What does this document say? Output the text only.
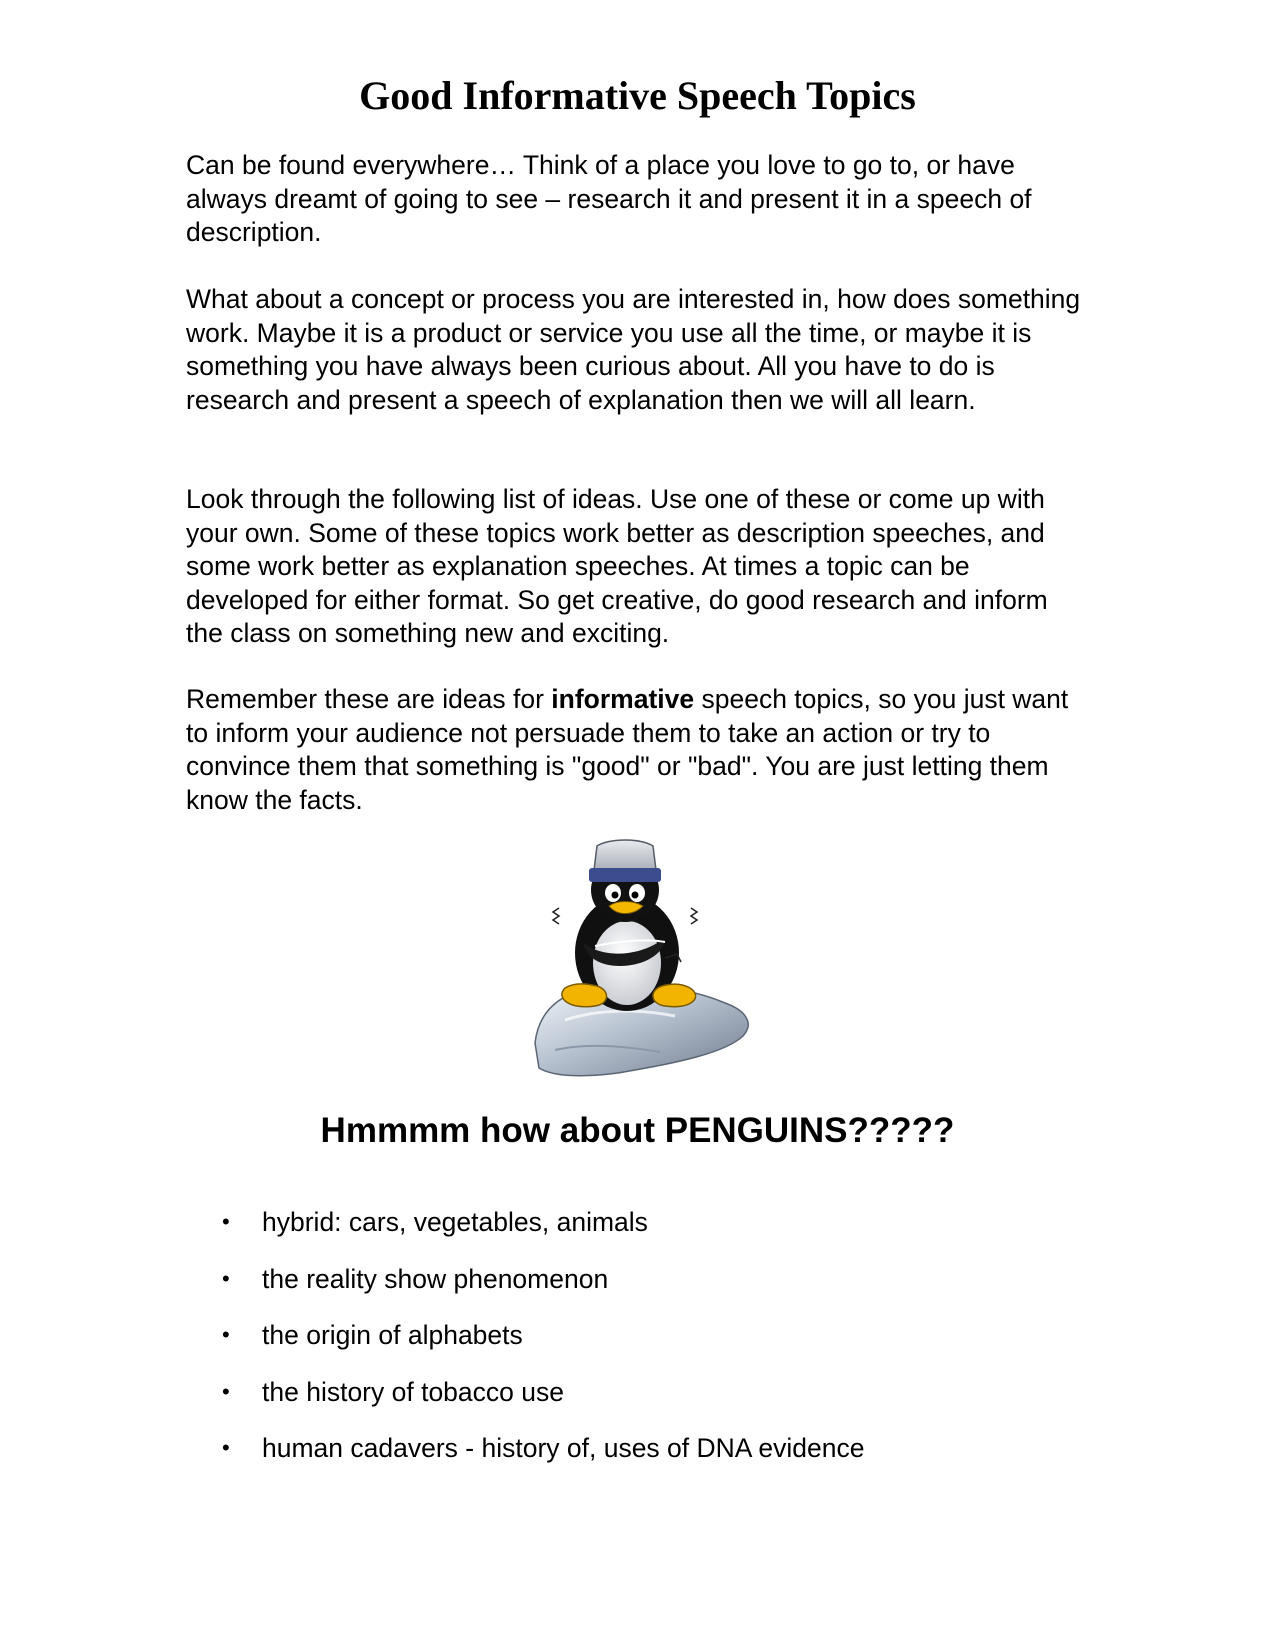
Good Informative Speech Topics

Can be found everywhere… Think of a place you love to go to, or have always dreamt of going to see – research it and present it in a speech of description.

What about a concept or process you are interested in, how does something work. Maybe it is a product or service you use all the time, or maybe it is something you have always been curious about. All you have to do is research and present a speech of explanation then we will all learn.

Look through the following list of ideas. Use one of these or come up with your own. Some of these topics work better as description speeches, and some work better as explanation speeches. At times a topic can be developed for either format. So get creative, do good research and inform the class on something new and exciting.

Remember these are ideas for informative speech topics, so you just want to inform your audience not persuade them to take an action or try to convince them that something is "good" or "bad". You are just letting them know the facts.

Hmmmm how about PENGUINS?????
• hybrid: cars, vegetables, animals
• the reality show phenomenon
• the origin of alphabets
• the history of tobacco use
• human cadavers - history of, uses of DNA evidence
